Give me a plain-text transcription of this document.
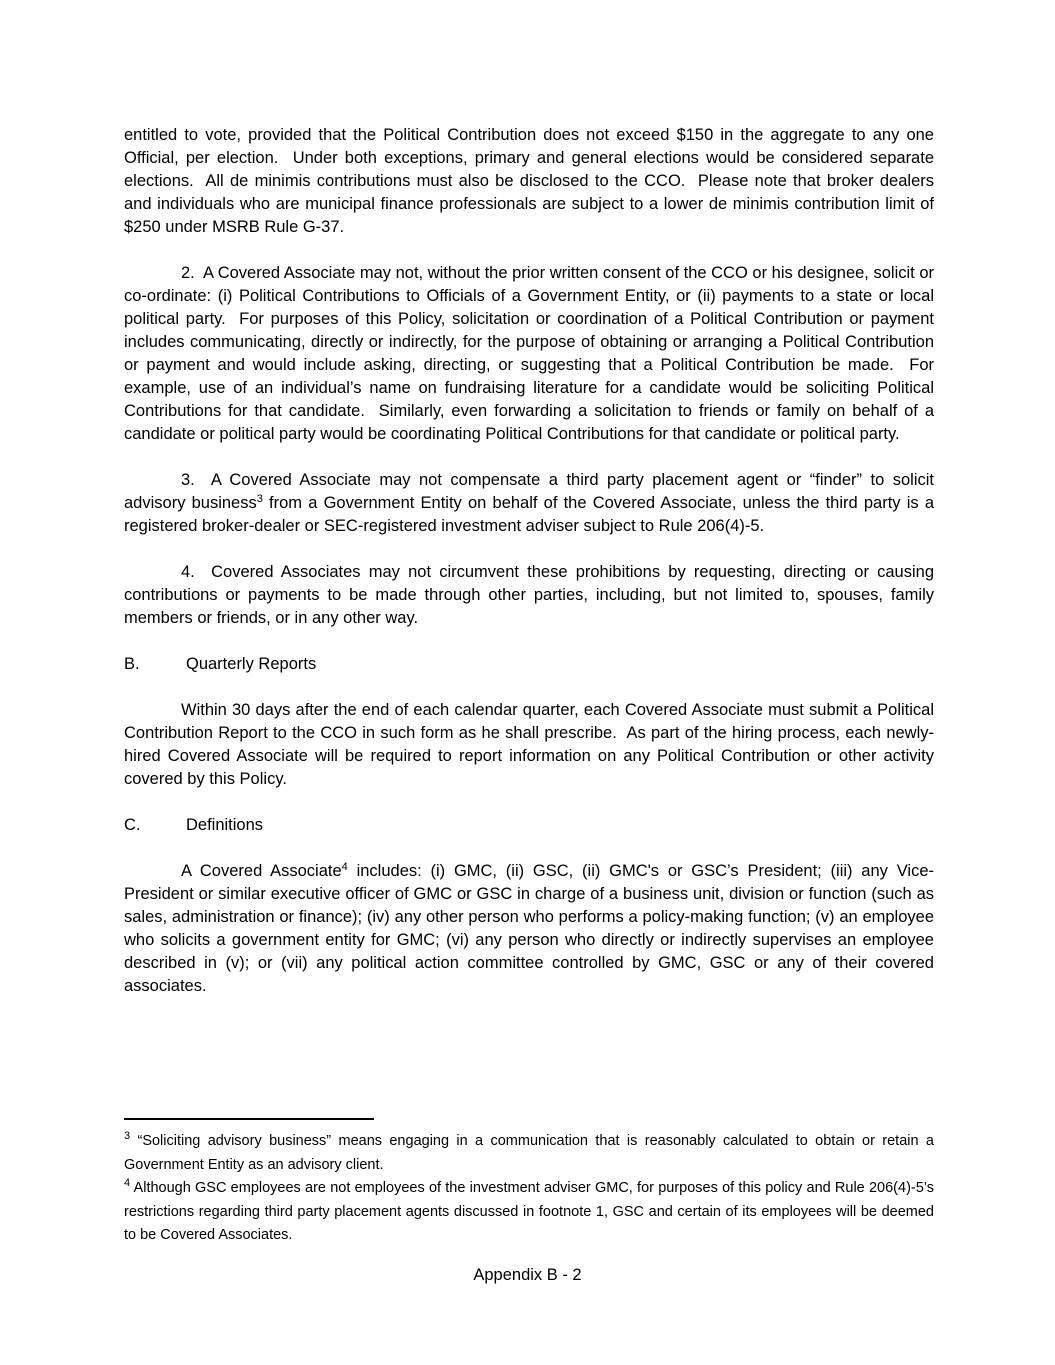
entitled to vote, provided that the Political Contribution does not exceed $150 in the aggregate to any one Official, per election.  Under both exceptions, primary and general elections would be considered separate elections.  All de minimis contributions must also be disclosed to the CCO.  Please note that broker dealers and individuals who are municipal finance professionals are subject to a lower de minimis contribution limit of $250 under MSRB Rule G-37.

2.  A Covered Associate may not, without the prior written consent of the CCO or his designee, solicit or co-ordinate: (i) Political Contributions to Officials of a Government Entity, or (ii) payments to a state or local political party.  For purposes of this Policy, solicitation or coordination of a Political Contribution or payment includes communicating, directly or indirectly, for the purpose of obtaining or arranging a Political Contribution or payment and would include asking, directing, or suggesting that a Political Contribution be made.  For example, use of an individual’s name on fundraising literature for a candidate would be soliciting Political Contributions for that candidate.  Similarly, even forwarding a solicitation to friends or family on behalf of a candidate or political party would be coordinating Political Contributions for that candidate or political party.

3.  A Covered Associate may not compensate a third party placement agent or “finder” to solicit advisory business$^3$ from a Government Entity on behalf of the Covered Associate, unless the third party is a registered broker-dealer or SEC-registered investment adviser subject to Rule 206(4)-5.

4.  Covered Associates may not circumvent these prohibitions by requesting, directing or causing contributions or payments to be made through other parties, including, but not limited to, spouses, family members or friends, or in any other way.

B.	Quarterly Reports

Within 30 days after the end of each calendar quarter, each Covered Associate must submit a Political Contribution Report to the CCO in such form as he shall prescribe.  As part of the hiring process, each newly-hired Covered Associate will be required to report information on any Political Contribution or other activity covered by this Policy.

C.	Definitions

A Covered Associate$^4$ includes: (i) GMC, (ii) GSC, (ii) GMC's or GSC’s President; (iii) any Vice-President or similar executive officer of GMC or GSC in charge of a business unit, division or function (such as sales, administration or finance); (iv) any other person who performs a policy-making function; (v) an employee who solicits a government entity for GMC; (vi) any person who directly or indirectly supervises an employee described in (v); or (vii) any political action committee controlled by GMC, GSC or any of their covered associates.

$^3$ “Soliciting advisory business” means engaging in a communication that is reasonably calculated to obtain or retain a Government Entity as an advisory client.

$^4$ Although GSC employees are not employees of the investment adviser GMC, for purposes of this policy and Rule 206(4)-5’s restrictions regarding third party placement agents discussed in footnote 1, GSC and certain of its employees will be deemed to be Covered Associates.

Appendix B - 2
